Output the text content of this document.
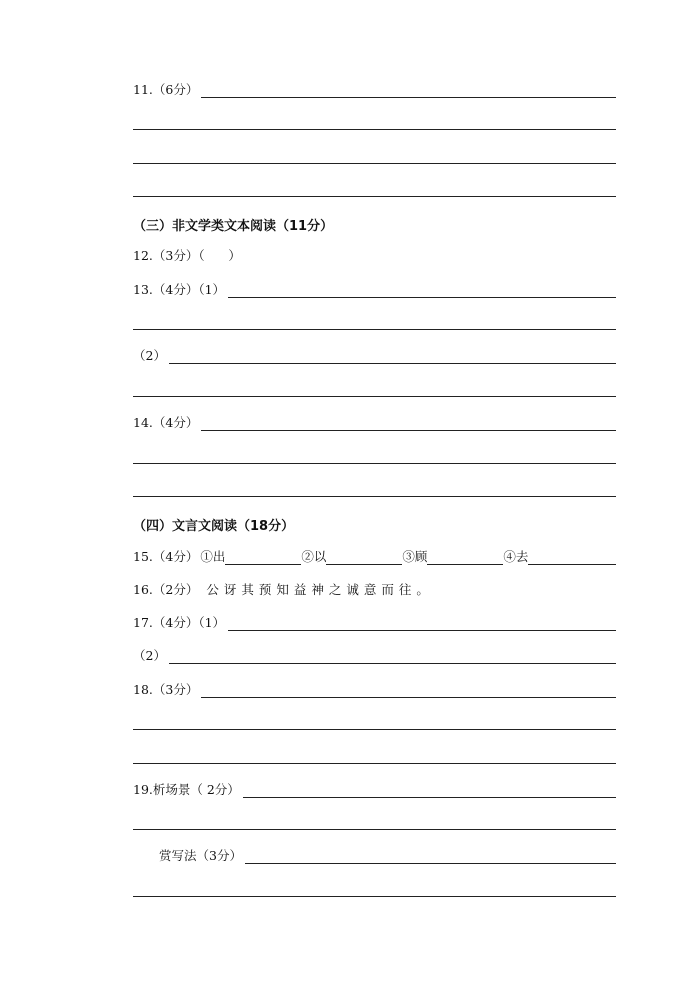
11.（6分）
（三）非文学类文本阅读（11分）
12.（3分）（      ）
13.（4分）（1）
（2）
14.（4分）
（四）文言文阅读（18分）
15.（4分） ①出	②以	③顾	④去
16.（2分） 公讶其预知益神之诚意而往。
17.（4分）（1）
（2）
18.（3分）
19.析场景（ 2分）
赏写法（3分）
